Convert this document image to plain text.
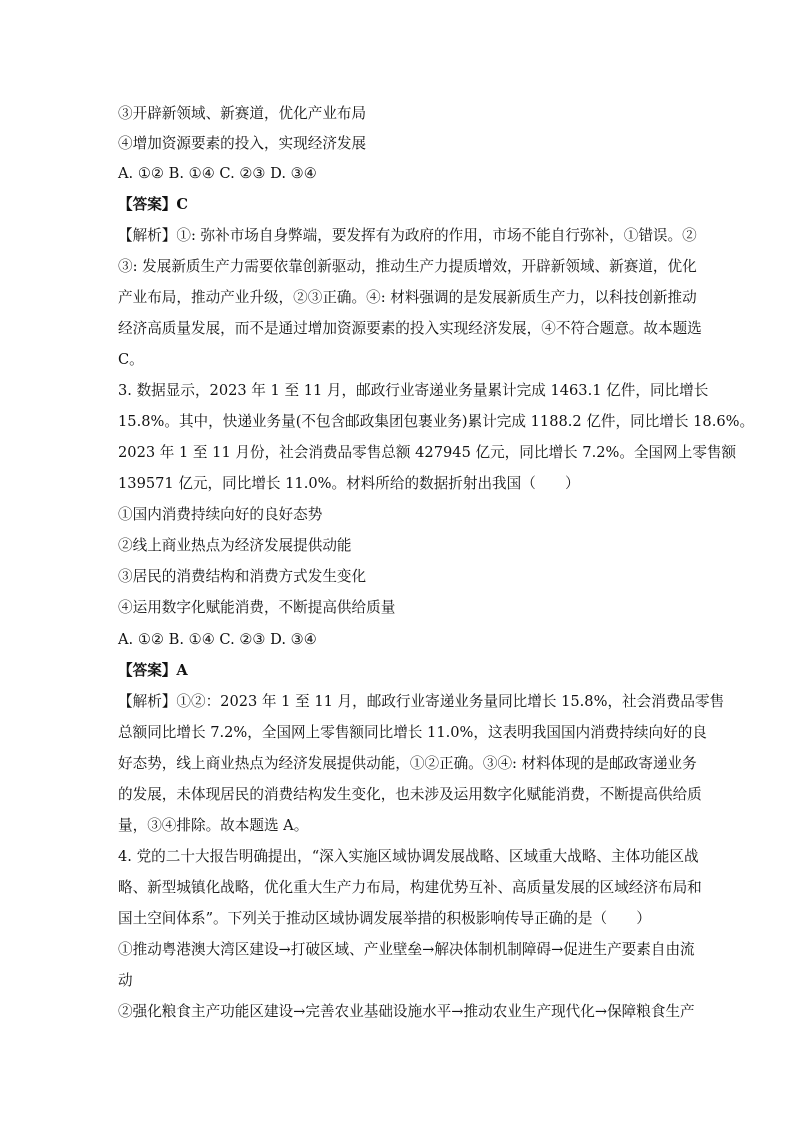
③开辟新领域、新赛道，优化产业布局
④增加资源要素的投入，实现经济发展
A. ①② B. ①④ C. ②③ D. ③④
【答案】C
【解析】①: 弥补市场自身弊端，要发挥有为政府的作用，市场不能自行弥补，①错误。②
③: 发展新质生产力需要依靠创新驱动，推动生产力提质增效，开辟新领域、新赛道，优化
产业布局，推动产业升级，②③正确。④: 材料强调的是发展新质生产力，以科技创新推动
经济高质量发展，而不是通过增加资源要素的投入实现经济发展，④不符合题意。故本题选
C。
3. 数据显示，2023 年 1 至 11 月，邮政行业寄递业务量累计完成 1463.1 亿件，同比增长
15.8%。其中，快递业务量(不包含邮政集团包裹业务)累计完成 1188.2 亿件，同比增长 18.6%。
2023 年 1 至 11 月份，社会消费品零售总额 427945 亿元，同比增长 7.2%。全国网上零售额
139571 亿元，同比增长 11.0%。材料所给的数据折射出我国（　　）
①国内消费持续向好的良好态势
②线上商业热点为经济发展提供动能
③居民的消费结构和消费方式发生变化
④运用数字化赋能消费，不断提高供给质量
A. ①② B. ①④ C. ②③ D. ③④
【答案】A
【解析】①②：2023 年 1 至 11 月，邮政行业寄递业务量同比增长 15.8%，社会消费品零售
总额同比增长 7.2%，全国网上零售额同比增长 11.0%，这表明我国国内消费持续向好的良
好态势，线上商业热点为经济发展提供动能，①②正确。③④: 材料体现的是邮政寄递业务
的发展，未体现居民的消费结构发生变化，也未涉及运用数字化赋能消费，不断提高供给质
量，③④排除。故本题选 A。
4. 党的二十大报告明确提出，“深入实施区域协调发展战略、区域重大战略、主体功能区战
略、新型城镇化战略，优化重大生产力布局，构建优势互补、高质量发展的区域经济布局和
国土空间体系”。下列关于推动区域协调发展举措的积极影响传导正确的是（　　）
①推动粤港澳大湾区建设→打破区域、产业壁垒→解决体制机制障碍→促进生产要素自由流
动
②强化粮食主产功能区建设→完善农业基础设施水平→推动农业生产现代化→保障粮食生产
